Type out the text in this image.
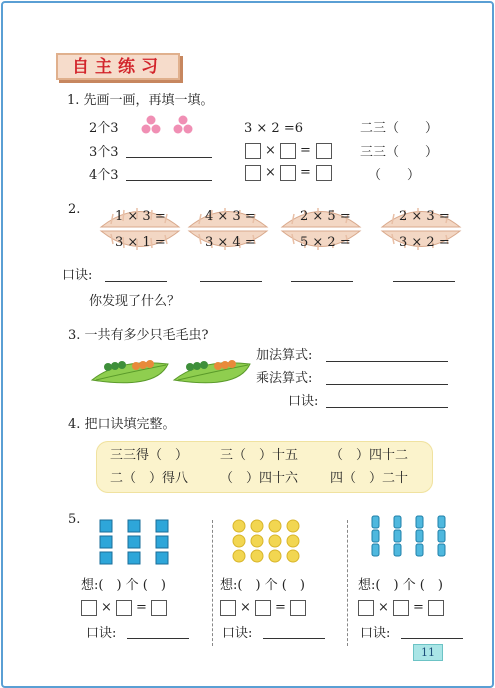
自主练习
1. 先画一画，再填一填。
2个3	3 × 2 =6	二三（　　）
3个3	× =	三三（　　）
4个3	× =	（　　）
2.	1 × 3 =
3 × 1 =
4 × 3 =
3 × 4 =
2 × 5 =
5 × 2 =
2 × 3 =
3 × 2 =
口诀:
你发现了什么？
3. 一共有多少只毛毛虫?
加法算式:
乘法算式:
口诀:
4. 把口诀填完整。
三三得（　） 三（　）十五 （　）四十二
二（　）得八 （　）四十六 四（　）二十
5.
想:(　) 个 (　)
× =
口诀:
想:(　) 个 (　)
× =
口诀:
想:(　) 个 (　)
× =
口诀:
11
